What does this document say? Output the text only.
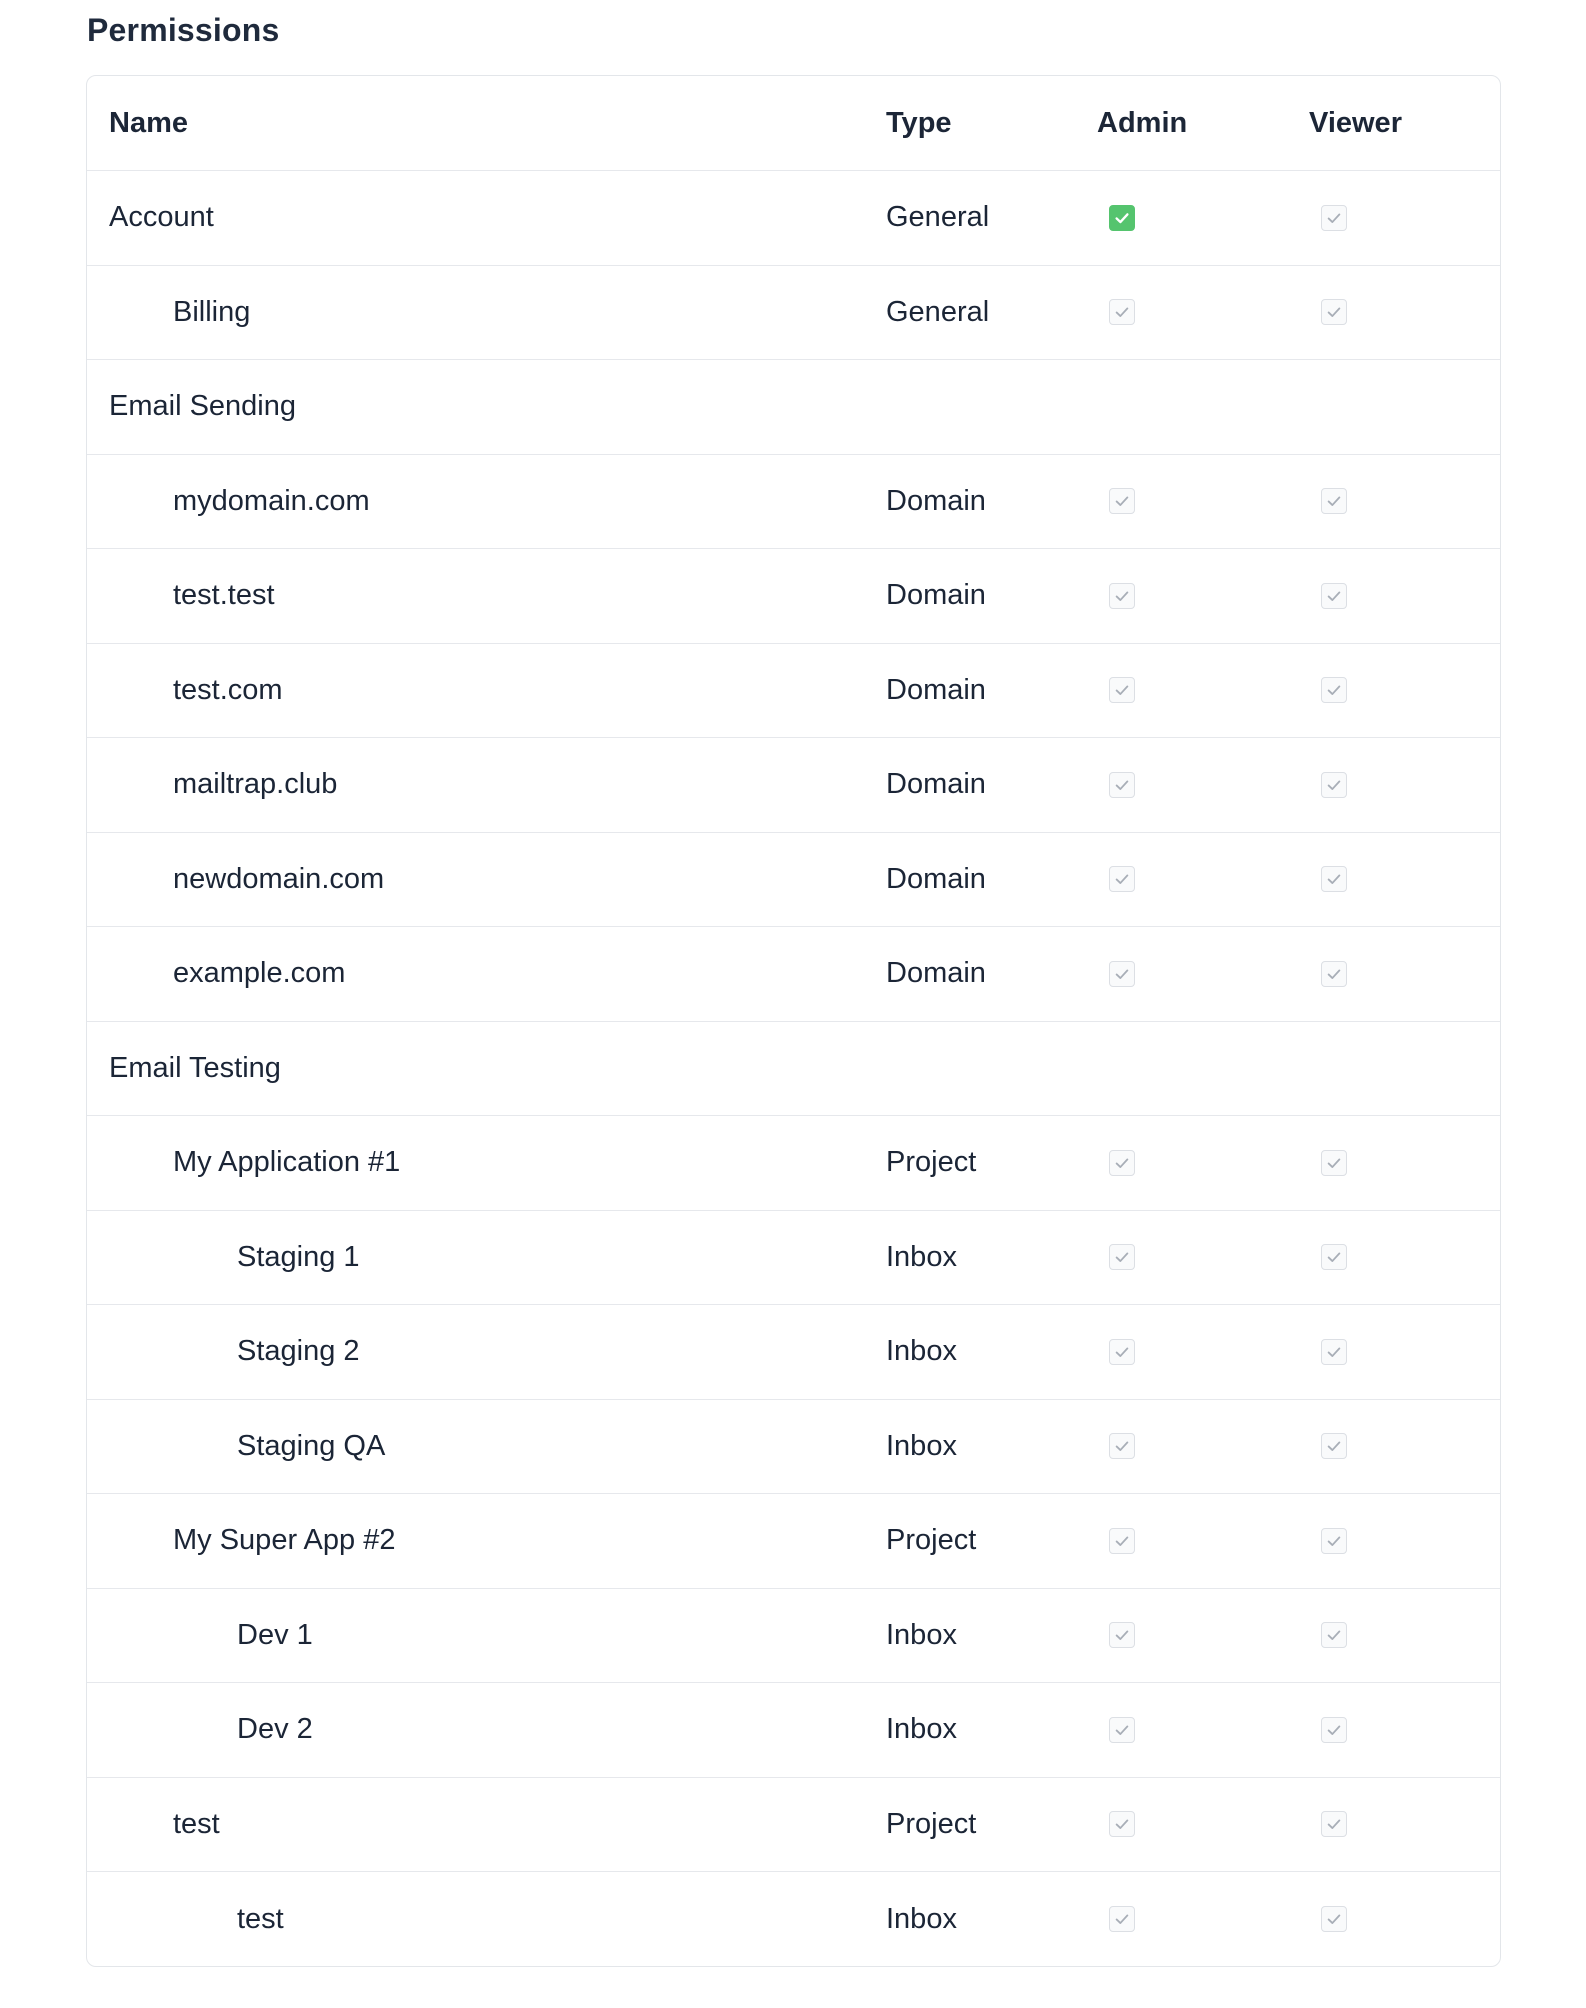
Permissions
Name	Type	Admin	Viewer
Account	General
Billing	General
Email Sending
mydomain.com	Domain
test.test	Domain
test.com	Domain
mailtrap.club	Domain
newdomain.com	Domain
example.com	Domain
Email Testing
My Application #1	Project
Staging 1	Inbox
Staging 2	Inbox
Staging QA	Inbox
My Super App #2	Project
Dev 1	Inbox
Dev 2	Inbox
test	Project
test	Inbox
